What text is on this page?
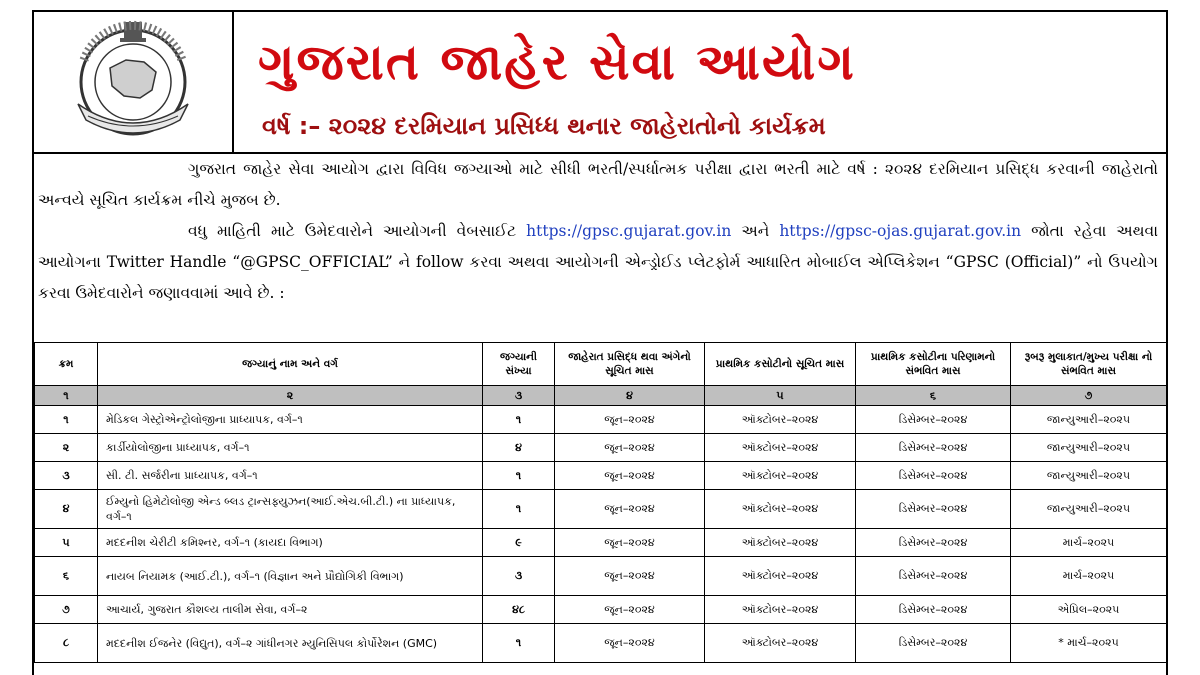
ગુજરાત જાહેર સેવા આયોગ
વર્ષ :– ૨૦૨૪ દરમિયાન પ્રસિધ્ધ થનાર જાહેરાતોનો કાર્યક્રમ

ગુજરાત જાહેર સેવા આયોગ દ્વારા વિવિધ જગ્યાઓ માટે સીધી ભરતી/સ્પર્ધાત્મક પરીક્ષા દ્વારા ભરતી માટે વર્ષ : ૨૦૨૪ દરમિયાન પ્રસિદ્ધ કરવાની જાહેરાતો અન્વયે સૂચિત કાર્યક્રમ નીચે મુજબ છે.

વધુ માહિતી માટે ઉમેદવારોને આયોગની વેબસાઈટ https://gpsc.gujarat.gov.in અને https://gpsc-ojas.gujarat.gov.in જોતા રહેવા અથવા આયોગના Twitter Handle “@GPSC_OFFICIAL” ને follow કરવા અથવા આયોગની એન્ડ્રોઈડ પ્લેટફોર્મ આધારિત મોબાઈલ એપ્લિકેશન “GPSC (Official)” નો ઉપયોગ કરવા ઉમેદવારોને જણાવવામાં આવે છે. :

ક્રમ	જગ્યાનું નામ અને વર્ગ	જગ્યાની સંખ્યા	જાહેરાત પ્રસિદ્ધ થવા અંગેનો સૂચિત માસ	પ્રાથમિક કસોટીનો સૂચિત માસ	પ્રાથમિક કસોટીના પરિણામનો સંભવિત માસ	રૂબરૂ મુલાકાત/મુખ્ય પરીક્ષા નો સંભવિત માસ
૧	૨	૩	૪	૫	૬	૭
૧	મેડિકલ ગેસ્ટ્રોએન્ટ્રોલોજીના પ્રાધ્યાપક, વર્ગ–૧	૧	જૂન–૨૦૨૪	ઑક્ટોબર–૨૦૨૪	ડિસેમ્બર–૨૦૨૪	જાન્યુઆરી–૨૦૨૫
૨	કાર્ડીયોલોજીના પ્રાધ્યાપક, વર્ગ–૧	૪	જૂન–૨૦૨૪	ઑક્ટોબર–૨૦૨૪	ડિસેમ્બર–૨૦૨૪	જાન્યુઆરી–૨૦૨૫
૩	સી. ટી. સર્જરીના પ્રાધ્યાપક, વર્ગ–૧	૧	જૂન–૨૦૨૪	ઑક્ટોબર–૨૦૨૪	ડિસેમ્બર–૨૦૨૪	જાન્યુઆરી–૨૦૨૫
૪	ઈમ્યુનો હિમેટોલોજી એન્ડ બ્લડ ટ્રાન્સફ્યુઝન(આઈ.એચ.બી.ટી.) ના પ્રાધ્યાપક, વર્ગ–૧	૧	જૂન–૨૦૨૪	ઑક્ટોબર–૨૦૨૪	ડિસેમ્બર–૨૦૨૪	જાન્યુઆરી–૨૦૨૫
૫	મદદનીશ ચેરીટી કમિશ્નર, વર્ગ–૧ (કાયદા વિભાગ)	૯	જૂન–૨૦૨૪	ઑક્ટોબર–૨૦૨૪	ડિસેમ્બર–૨૦૨૪	માર્ચ–૨૦૨૫
૬	નાયબ નિયામક (આઈ.ટી.), વર્ગ–૧ (વિજ્ઞાન અને પ્રૌદ્યોગિકી વિભાગ)	૩	જૂન–૨૦૨૪	ઑક્ટોબર–૨૦૨૪	ડિસેમ્બર–૨૦૨૪	માર્ચ–૨૦૨૫
૭	આચાર્ય, ગુજરાત કૌશલ્ય તાલીમ સેવા, વર્ગ–૨	૪૮	જૂન–૨૦૨૪	ઑક્ટોબર–૨૦૨૪	ડિસેમ્બર–૨૦૨૪	એપ્રિલ–૨૦૨૫
૮	મદદનીશ ઈજનેર (વિદ્યુત), વર્ગ–૨ ગાંધીનગર મ્યુનિસિપલ કોર્પોરેશન (GMC)	૧	જૂન–૨૦૨૪	ઑક્ટોબર–૨૦૨૪	ડિસેમ્બર–૨૦૨૪	* માર્ચ–૨૦૨૫
